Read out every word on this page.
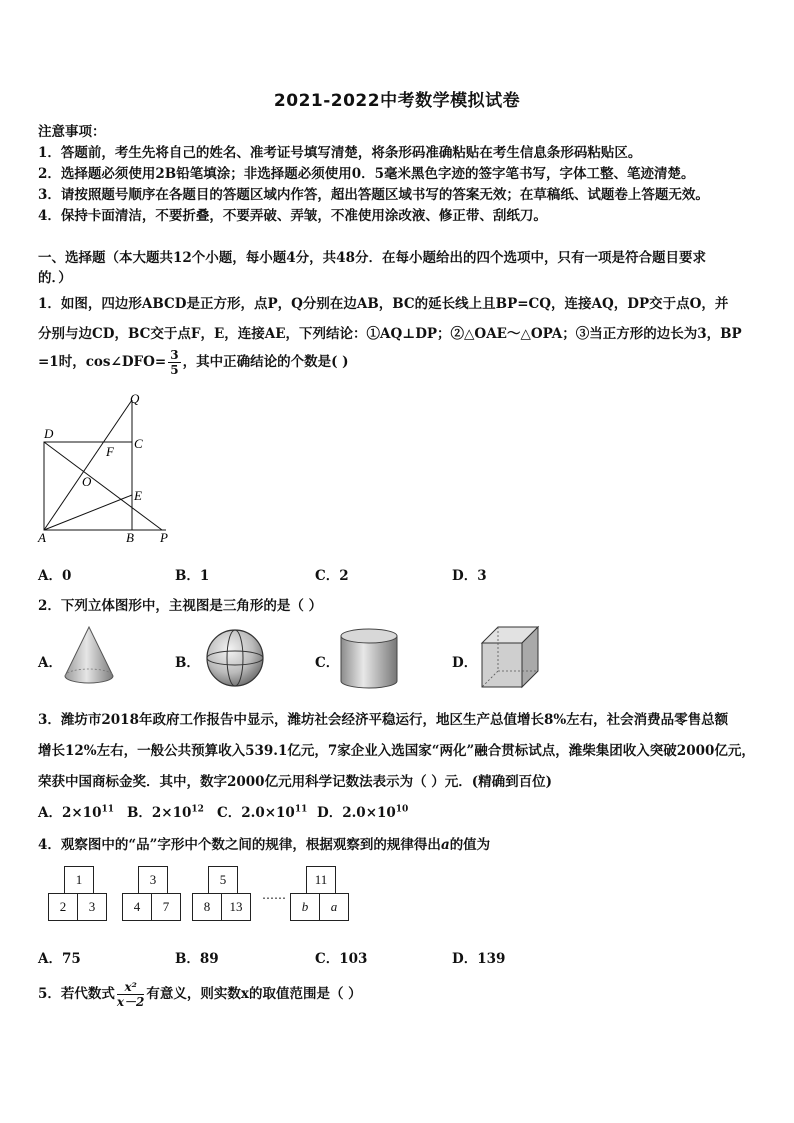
2021-2022中考数学模拟试卷
注意事项：
1．答题前，考生先将自己的姓名、准考证号填写清楚，将条形码准确粘贴在考生信息条形码粘贴区。
2．选择题必须使用2B铅笔填涂；非选择题必须使用0．5毫米黑色字迹的签字笔书写，字体工整、笔迹清楚。
3．请按照题号顺序在各题目的答题区域内作答，超出答题区域书写的答案无效；在草稿纸、试题卷上答题无效。
4．保持卡面清洁，不要折叠，不要弄破、弄皱，不准使用涂改液、修正带、刮纸刀。
一、选择题（本大题共12个小题，每小题4分，共48分．在每小题给出的四个选项中，只有一项是符合题目要求
的．）
1．如图，四边形ABCD是正方形，点P，Q分别在边AB，BC的延长线上且BP=CQ，连接AQ，DP交于点O，并
分别与边CD，BC交于点F，E，连接AE，下列结论：①AQ⊥DP；②△OAE～△OPA；③当正方形的边长为3，BP
=1时，cos∠DFO= $\frac{3}{5}$ ，其中正确结论的个数是( )
Q
D
C
F
O
E
A	B P
A．0	B．1	C．2	D．3
2．下列立体图形中，主视图是三角形的是（ ）
A．	B．	C．	D．
3．潍坊市2018年政府工作报告中显示，潍坊社会经济平稳运行，地区生产总值增长8%左右，社会消费品零售总额
增长12%左右，一般公共预算收入539.1亿元，7家企业入选国家“两化”融合贯标试点，潍柴集团收入突破2000亿元，
荣获中国商标金奖．其中，数字2000亿元用科学记数法表示为（ ）元．(精确到百位)
A．$2\times 10^{11}$ B．$2\times 10^{12}$ C．$2.0\times 10^{11}$ D．$2.0\times 10^{10}$
4．观察图中的“品”字形中个数之间的规律，根据观察到的规律得出a的值为
1
2	3
3
4	7
5
8	13
……
11
b	a
A．75	B．89	C．103	D．139
5．若代数式 $\frac{\text{x²}}{x-2}$ 有意义，则实数x的取值范围是（ ）
